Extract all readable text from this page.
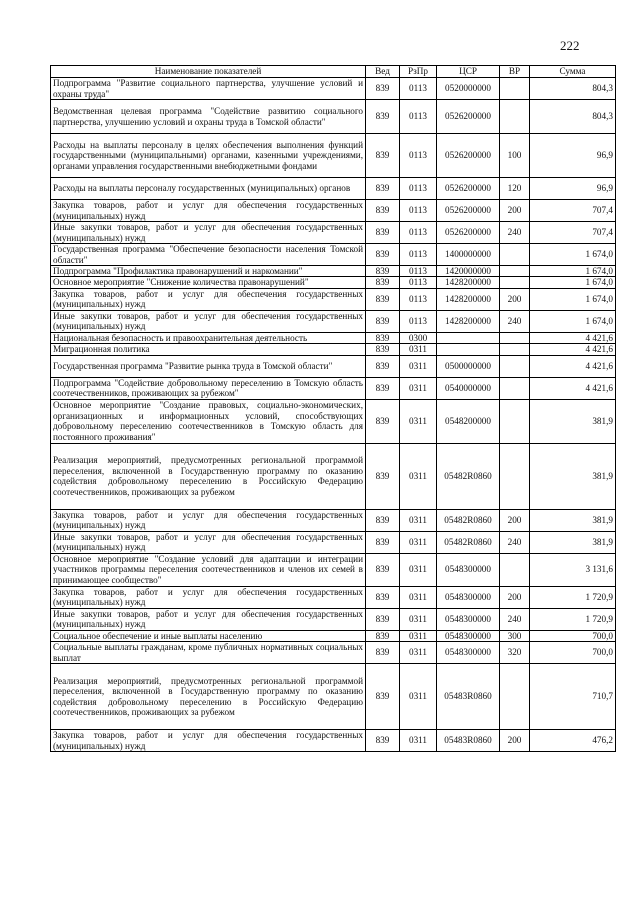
222
Наименование показателей	Вед	РзПр	ЦСР	ВР	Сумма
Подпрограмма "Развитие социального партнерства, улучшение условий и охраны труда"	839	0113	0520000000		804,3
Ведомственная целевая программа "Содействие развитию социального партнерства, улучшению условий и охраны труда в Томской области"	839	0113	0526200000		804,3
Расходы на выплаты персоналу в целях обеспечения выполнения функций государственными (муниципальными) органами, казенными учреждениями, органами управления государственными внебюджетными фондами	839	0113	0526200000	100	96,9
Расходы на выплаты персоналу государственных (муниципальных) органов	839	0113	0526200000	120	96,9
Закупка товаров, работ и услуг для обеспечения государственных (муниципальных) нужд	839	0113	0526200000	200	707,4
Иные закупки товаров, работ и услуг для обеспечения государственных (муниципальных) нужд	839	0113	0526200000	240	707,4
Государственная программа "Обеспечение безопасности населения Томской области"	839	0113	1400000000		1 674,0
Подпрограмма "Профилактика правонарушений и наркомании"	839	0113	1420000000		1 674,0
Основное мероприятие "Снижение количества правонарушений"	839	0113	1428200000		1 674,0
Закупка товаров, работ и услуг для обеспечения государственных (муниципальных) нужд	839	0113	1428200000	200	1 674,0
Иные закупки товаров, работ и услуг для обеспечения государственных (муниципальных) нужд	839	0113	1428200000	240	1 674,0
Национальная безопасность и правоохранительная деятельность	839	0300			4 421,6
Миграционная политика	839	0311			4 421,6
Государственная программа "Развитие рынка труда в Томской области"	839	0311	0500000000		4 421,6
Подпрограмма "Содействие добровольному переселению в Томскую область соотечественников, проживающих за рубежом"	839	0311	0540000000		4 421,6
Основное мероприятие "Создание правовых, социально-экономических, организационных и информационных условий, способствующих добровольному переселению соотечественников в Томскую область для постоянного проживания"	839	0311	0548200000		381,9
Реализация мероприятий, предусмотренных региональной программой переселения, включенной в Государственную программу по оказанию содействия добровольному переселению в Российскую Федерацию соотечественников, проживающих за рубежом	839	0311	05482R0860		381,9
Закупка товаров, работ и услуг для обеспечения государственных (муниципальных) нужд	839	0311	05482R0860	200	381,9
Иные закупки товаров, работ и услуг для обеспечения государственных (муниципальных) нужд	839	0311	05482R0860	240	381,9
Основное мероприятие "Создание условий для адаптации и интеграции участников программы переселения соотечественников и членов их семей в принимающее сообщество"	839	0311	0548300000		3 131,6
Закупка товаров, работ и услуг для обеспечения государственных (муниципальных) нужд	839	0311	0548300000	200	1 720,9
Иные закупки товаров, работ и услуг для обеспечения государственных (муниципальных) нужд	839	0311	0548300000	240	1 720,9
Социальное обеспечение и иные выплаты населению	839	0311	0548300000	300	700,0
Социальные выплаты гражданам, кроме публичных нормативных социальных выплат	839	0311	0548300000	320	700,0
Реализация мероприятий, предусмотренных региональной программой переселения, включенной в Государственную программу по оказанию содействия добровольному переселению в Российскую Федерацию соотечественников, проживающих за рубежом	839	0311	05483R0860		710,7
Закупка товаров, работ и услуг для обеспечения государственных (муниципальных) нужд	839	0311	05483R0860	200	476,2
